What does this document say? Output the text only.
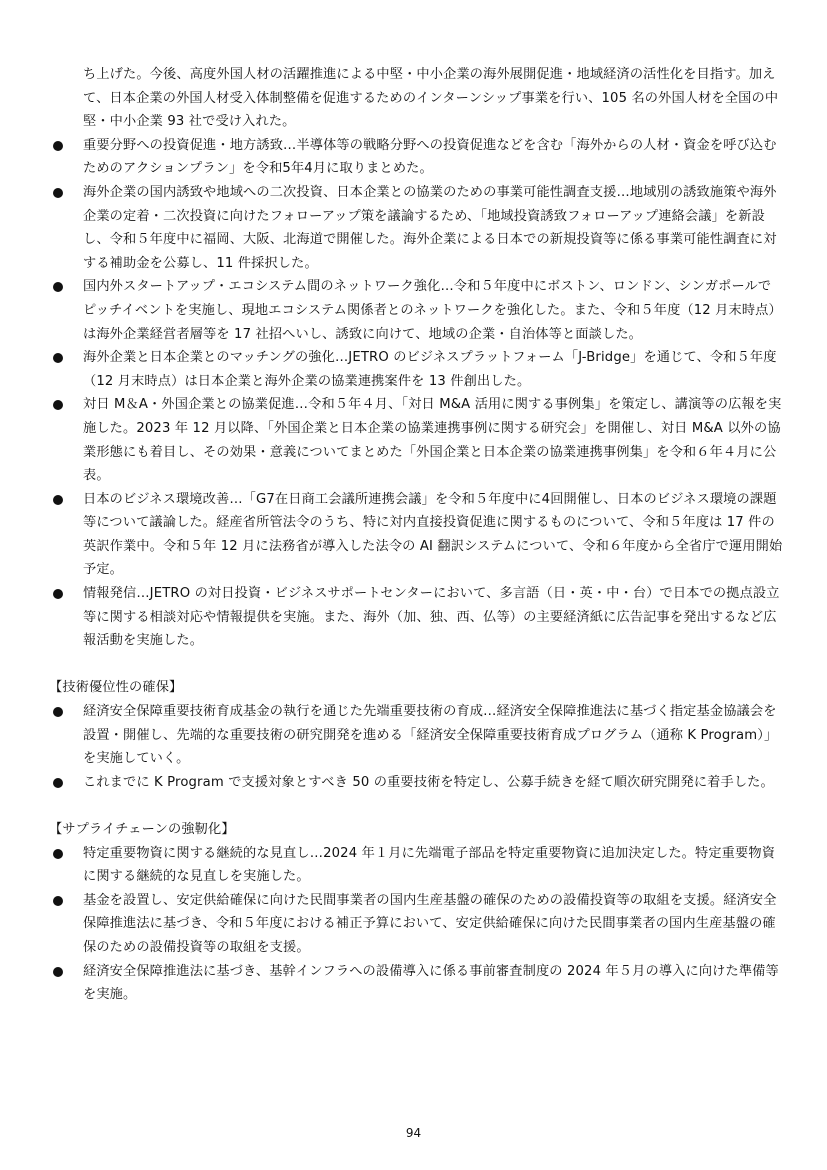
ち上げた。今後、高度外国人材の活躍推進による中堅・中小企業の海外展開促進・地域経済の活性化を目指す。加えて、日本企業の外国人材受入体制整備を促進するためのインターンシップ事業を行い、105 名の外国人材を全国の中堅・中小企業 93 社で受け入れた。

重要分野への投資促進・地方誘致…半導体等の戦略分野への投資促進などを含む「海外からの人材・資金を呼び込むためのアクションプラン」を令和5年4月に取りまとめた。
海外企業の国内誘致や地域への二次投資、日本企業との協業のための事業可能性調査支援…地域別の誘致施策や海外企業の定着・二次投資に向けたフォローアップ策を議論するため、「地域投資誘致フォローアップ連絡会議」を新設し、令和５年度中に福岡、大阪、北海道で開催した。海外企業による日本での新規投資等に係る事業可能性調査に対する補助金を公募し、11 件採択した。
国内外スタートアップ・エコシステム間のネットワーク強化…令和５年度中にボストン、ロンドン、シンガポールでピッチイベントを実施し、現地エコシステム関係者とのネットワークを強化した。また、令和５年度（12 月末時点）は海外企業経営者層等を 17 社招へいし、誘致に向けて、地域の企業・自治体等と面談した。
海外企業と日本企業とのマッチングの強化…JETRO のビジネスプラットフォーム「J-Bridge」を通じて、令和５年度（12 月末時点）は日本企業と海外企業の協業連携案件を 13 件創出した。
対日 M＆A・外国企業との協業促進…令和５年４月、「対日 M&A 活用に関する事例集」を策定し、講演等の広報を実施した。2023 年 12 月以降、「外国企業と日本企業の協業連携事例に関する研究会」を開催し、対日 M&A 以外の協業形態にも着目し、その効果・意義についてまとめた「外国企業と日本企業の協業連携事例集」を令和６年４月に公表。
日本のビジネス環境改善…「G7在日商工会議所連携会議」を令和５年度中に4回開催し、日本のビジネス環境の課題等について議論した。経産省所管法令のうち、特に対内直接投資促進に関するものについて、令和５年度は 17 件の英訳作業中。令和５年 12 月に法務省が導入した法令の AI 翻訳システムについて、令和６年度から全省庁で運用開始予定。
情報発信…JETRO の対日投資・ビジネスサポートセンターにおいて、多言語（日・英・中・台）で日本での拠点設立等に関する相談対応や情報提供を実施。また、海外（加、独、西、仏等）の主要経済紙に広告記事を発出するなど広報活動を実施した。
【技術優位性の確保】
経済安全保障重要技術育成基金の執行を通じた先端重要技術の育成…経済安全保障推進法に基づく指定基金協議会を設置・開催し、先端的な重要技術の研究開発を進める「経済安全保障重要技術育成プログラム（通称 K Program）」を実施していく。
これまでに K Program で支援対象とすべき 50 の重要技術を特定し、公募手続きを経て順次研究開発に着手した。
【サプライチェーンの強靭化】
特定重要物資に関する継続的な見直し…2024 年１月に先端電子部品を特定重要物資に追加決定した。特定重要物資に関する継続的な見直しを実施した。
基金を設置し、安定供給確保に向けた民間事業者の国内生産基盤の確保のための設備投資等の取組を支援。経済安全保障推進法に基づき、令和５年度における補正予算において、安定供給確保に向けた民間事業者の国内生産基盤の確保のための設備投資等の取組を支援。
経済安全保障推進法に基づき、基幹インフラへの設備導入に係る事前審査制度の 2024 年５月の導入に向けた準備等を実施。
94
